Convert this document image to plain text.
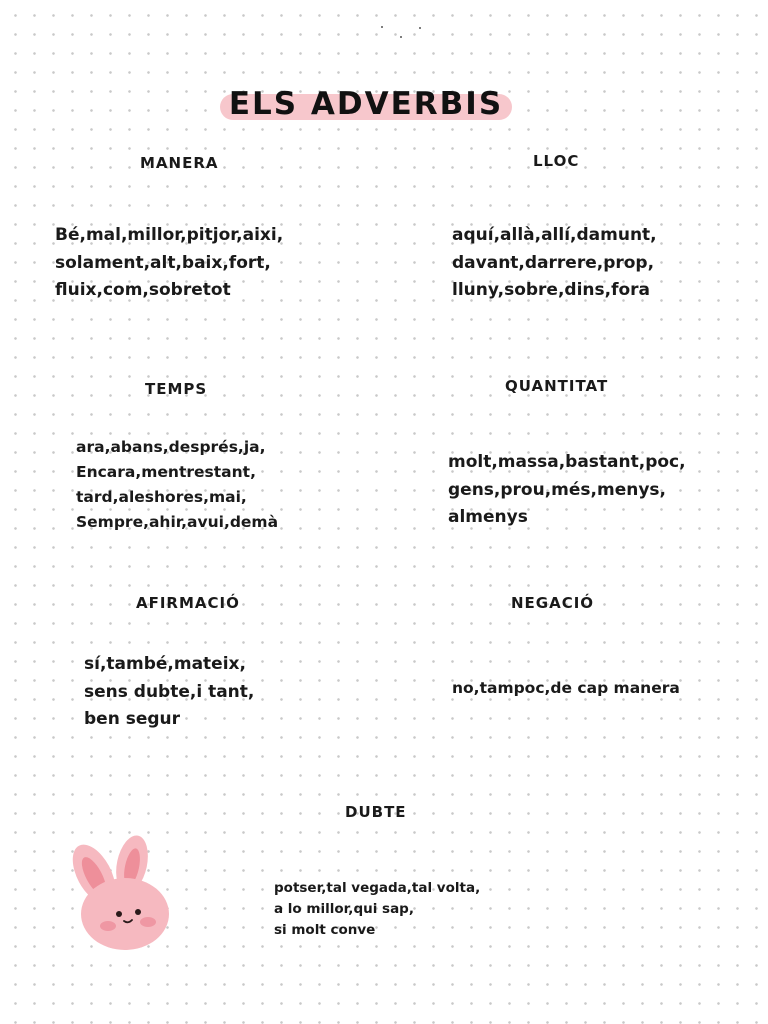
ELS ADVERBIS
MANERA
Bé,mal,millor,pitjor,aixi,
solament,alt,baix,fort,
fluix,com,sobretot
LLOC
aquí,allà,allí,damunt,
davant,darrere,prop,
lluny,sobre,dins,fora
TEMPS
ara,abans,després,ja,
Encara,mentrestant,
tard,aleshores,mai,
Sempre,ahir,avui,demà
QUANTITAT
molt,massa,bastant,poc,
gens,prou,més,menys,
almenys
AFIRMACIÓ
sí,també,mateix,
sens dubte,i tant,
ben segur
NEGACIÓ
no,tampoc,de cap manera
DUBTE
potser,tal vegada,tal volta,
a lo millor,qui sap,
si molt conve
